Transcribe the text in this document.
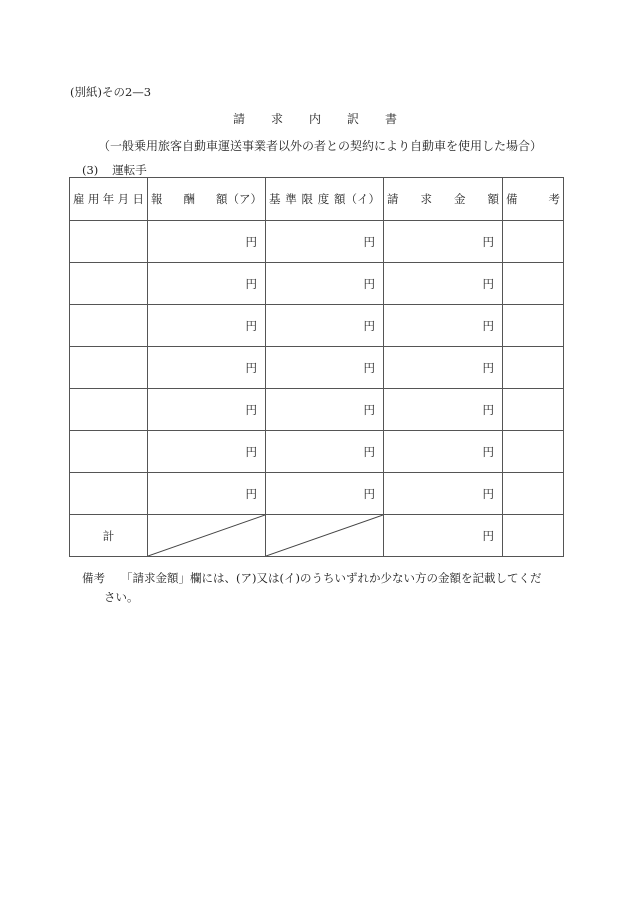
(別紙)その2—3
請 求 内 訳 書
（一般乗用旅客自動車運送事業者以外の者との契約により自動車を使用した場合）
(3) 運転手
雇 用 年 月 日	報 酬 額（ア）	基 準 限 度 額（イ）	請 求 金 額	備 考

	円	円	円	
	円	円	円	
	円	円	円	
	円	円	円	
	円	円	円	
	円	円	円	
	円	円	円	
計			円	
備考 「請求金額」欄には、(ア)又は(イ)のうちいずれか少ない方の金額を記載してくだ
さい。
